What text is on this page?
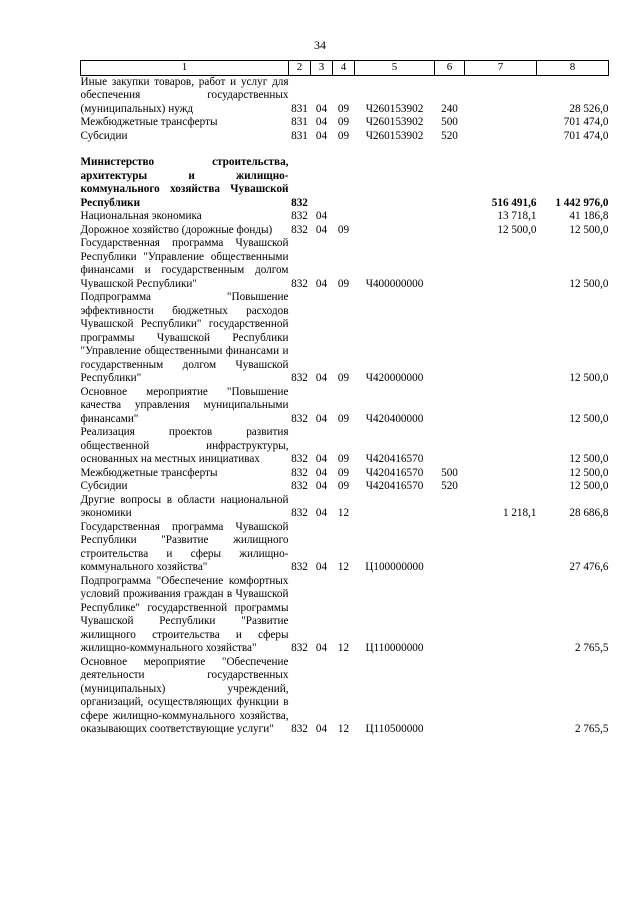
34
1	2	3	4	5	6	7	8
Иные закупки товаров, работ и услуг для обеспечения государственных (муниципальных) нужд	831	04	09	Ч260153902	240		28 526,0
Межбюджетные трансферты	831	04	09	Ч260153902	500		701 474,0
Субсидии	831	04	09	Ч260153902	520		701 474,0

Министерство строительства, архитектуры и жилищно-коммунального хозяйства Чувашской Республики	832					516 491,6	1 442 976,0
Национальная экономика	832	04				13 718,1	41 186,8
Дорожное хозяйство (дорожные фонды)	832	04	09			12 500,0	12 500,0
Государственная программа Чувашской Республики "Управление общественными финансами и государственным долгом Чувашской Республики"	832	04	09	Ч400000000			12 500,0
Подпрограмма "Повышение эффективности бюджетных расходов Чувашской Республики" государственной программы Чувашской Республики "Управление общественными финансами и государственным долгом Чувашской Республики"	832	04	09	Ч420000000			12 500,0
Основное мероприятие "Повышение качества управления муниципальными финансами"	832	04	09	Ч420400000			12 500,0
Реализация проектов развития общественной инфраструктуры, основанных на местных инициативах	832	04	09	Ч420416570			12 500,0
Межбюджетные трансферты	832	04	09	Ч420416570	500		12 500,0
Субсидии	832	04	09	Ч420416570	520		12 500,0
Другие вопросы в области национальной экономики	832	04	12			1 218,1	28 686,8
Государственная программа Чувашской Республики "Развитие жилищного строительства и сферы жилищно-коммунального хозяйства"	832	04	12	Ц100000000			27 476,6
Подпрограмма "Обеспечение комфортных условий проживания граждан в Чувашской Республике" государственной программы Чувашской Республики "Развитие жилищного строительства и сферы жилищно-коммунального хозяйства"	832	04	12	Ц110000000			2 765,5
Основное мероприятие "Обеспечение деятельности государственных (муниципальных) учреждений, организаций, осуществляющих функции в сфере жилищно-коммунального хозяйства, оказывающих соответствующие услуги"	832	04	12	Ц110500000			2 765,5
